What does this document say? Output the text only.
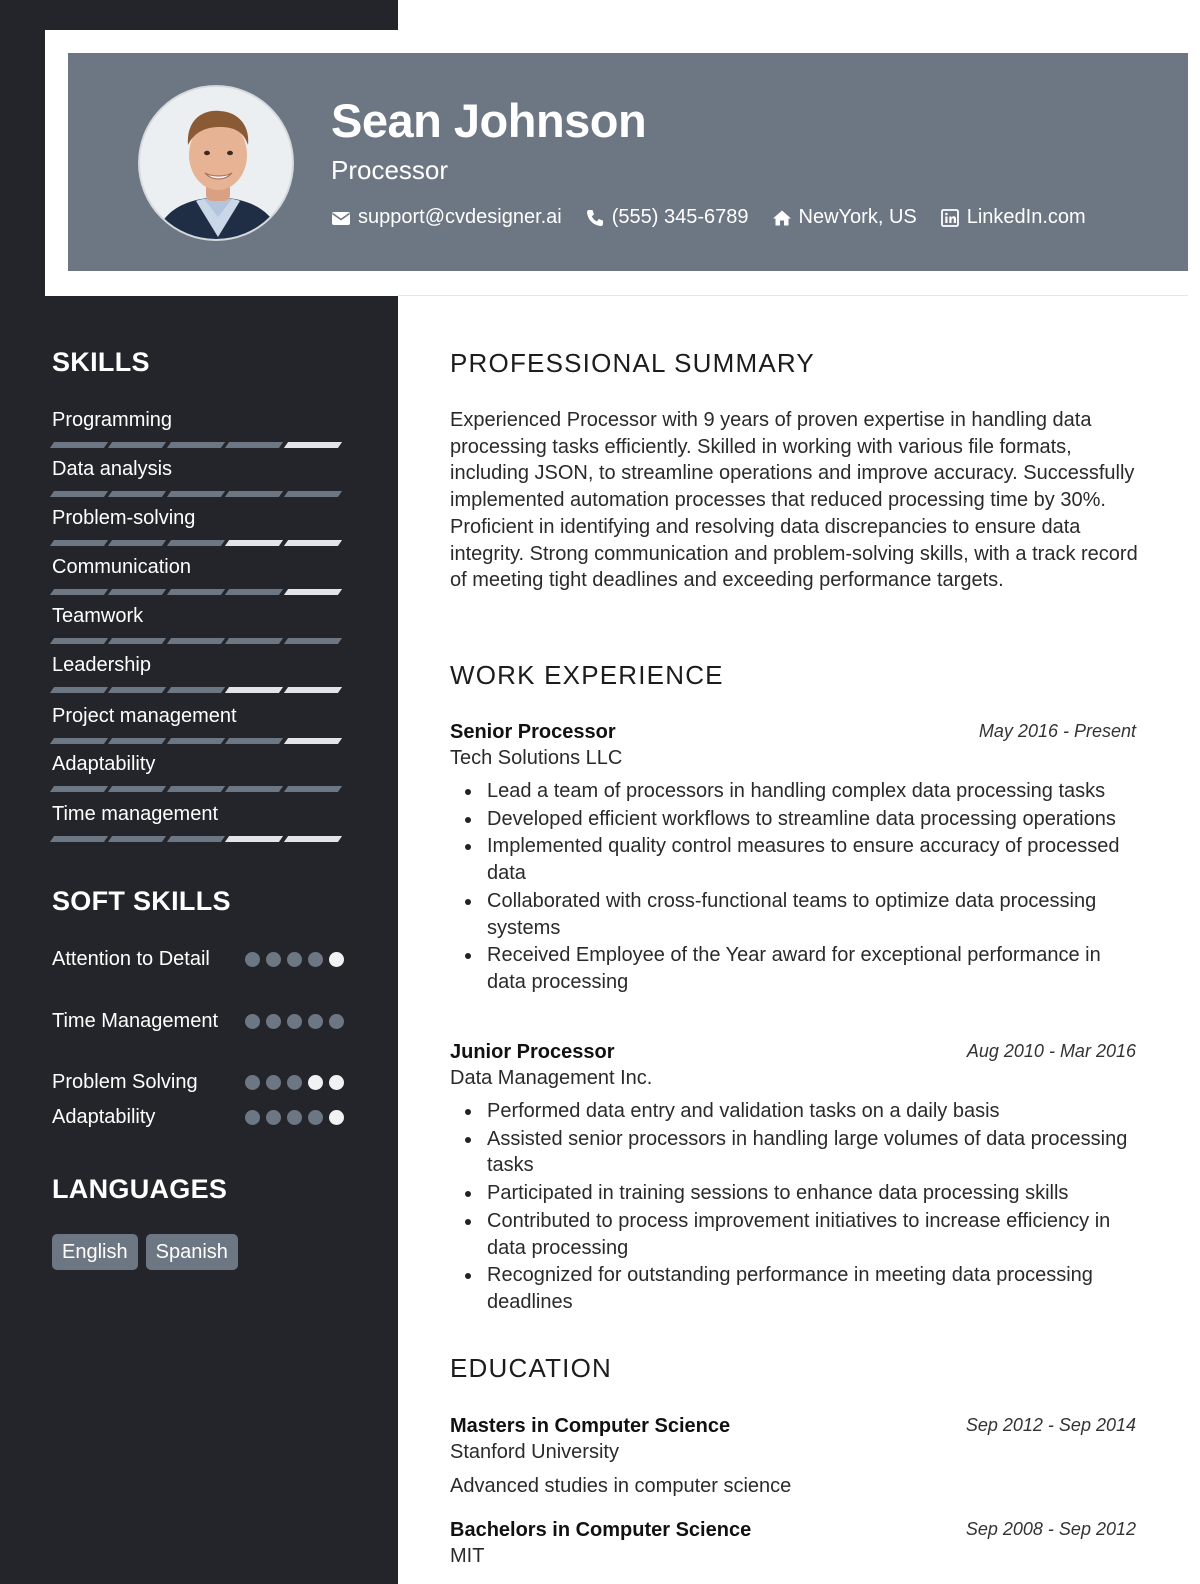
Sean Johnson
Processor
support@cvdesigner.ai	(555) 345-6789	NewYork, US	LinkedIn.com
SKILLS
Programming
Data analysis
Problem-solving
Communication
Teamwork
Leadership
Project management
Adaptability
Time management
SOFT SKILLS
Attention to Detail
Time Management
Problem Solving
Adaptability
LANGUAGES
English	Spanish
PROFESSIONAL SUMMARY
Experienced Processor with 9 years of proven expertise in handling data processing tasks efficiently. Skilled in working with various file formats, including JSON, to streamline operations and improve accuracy. Successfully implemented automation processes that reduced processing time by 30%. Proficient in identifying and resolving data discrepancies to ensure data integrity. Strong communication and problem-solving skills, with a track record of meeting tight deadlines and exceeding performance targets.
WORK EXPERIENCE
Senior Processor	May 2016 - Present
Tech Solutions LLC
Lead a team of processors in handling complex data processing tasks
Developed efficient workflows to streamline data processing operations
Implemented quality control measures to ensure accuracy of processed data
Collaborated with cross-functional teams to optimize data processing systems
Received Employee of the Year award for exceptional performance in data processing
Junior Processor	Aug 2010 - Mar 2016
Data Management Inc.
Performed data entry and validation tasks on a daily basis
Assisted senior processors in handling large volumes of data processing tasks
Participated in training sessions to enhance data processing skills
Contributed to process improvement initiatives to increase efficiency in data processing
Recognized for outstanding performance in meeting data processing deadlines
EDUCATION
Masters in Computer Science	Sep 2012 - Sep 2014
Stanford University
Advanced studies in computer science
Bachelors in Computer Science	Sep 2008 - Sep 2012
MIT
